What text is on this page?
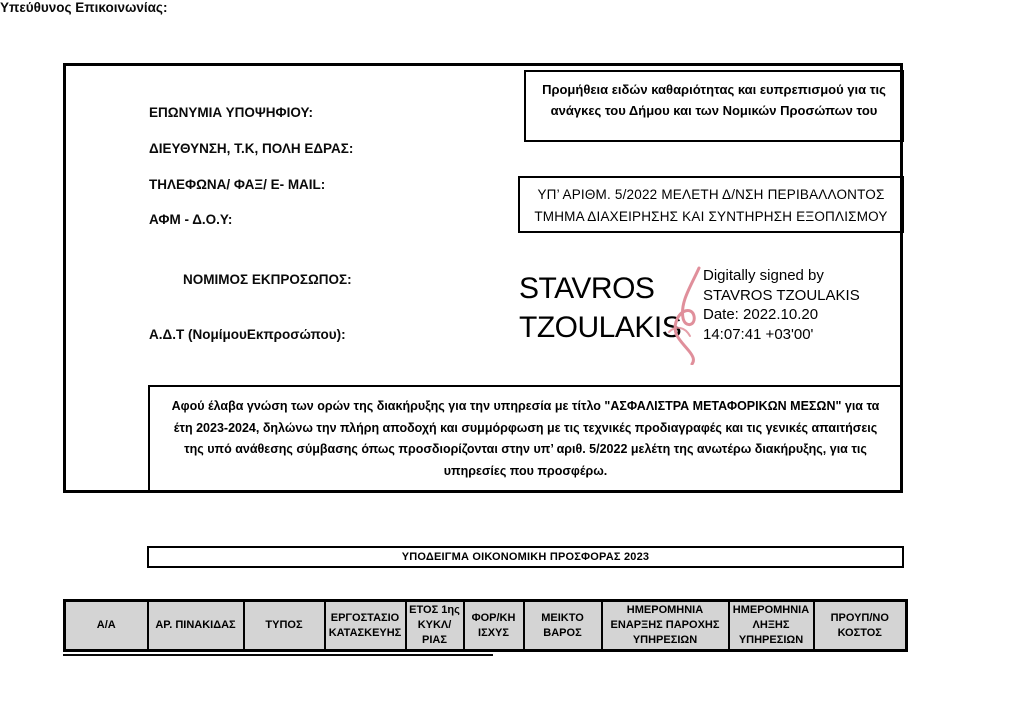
ΕΠΩΝΥΜΙΑ ΥΠΟΨΗΦΙΟΥ:
ΔΙΕΥΘΥΝΣΗ, Τ.Κ, ΠΟΛΗ ΕΔΡΑΣ:
ΤΗΛΕΦΩΝΑ/ ΦΑΞ/ Ε- MAIL:
ΑΦΜ - Δ.Ο.Υ:
ΝΟΜΙΜΟΣ ΕΚΠΡΟΣΩΠΟΣ:
Α.Δ.Τ (ΝομίμουΕκπροσώπου):
Υπεύθυνος Επικοινωνίας:
Προμήθεια ειδών καθαριότητας και ευπρεπισμού για τις ανάγκες του Δήμου και των Νομικών Προσώπων του
ΥΠ’ ΑΡΙΘΜ. 5/2022 ΜΕΛΕΤΗ Δ/ΝΣΗ ΠΕΡΙΒΑΛΛΟΝΤΟΣ ΤΜΗΜΑ ΔΙΑΧΕΙΡΗΣΗΣ ΚΑΙ ΣΥΝΤΗΡΗΣΗ ΕΞΟΠΛΙΣΜΟΥ
STAVROS TZOULAKIS
Digitally signed by
STAVROS TZOULAKIS
Date: 2022.10.20
14:07:41 +03'00'
Αφού έλαβα γνώση των ορών της διακήρυξης για την υπηρεσία με τίτλο "ΑΣΦΑΛΙΣΤΡΑ ΜΕΤΑΦΟΡΙΚΩΝ ΜΕΣΩΝ" για τα
έτη 2023-2024, δηλώνω την πλήρη αποδοχή και συμμόρφωση με τις τεχνικές προδιαγραφές και τις γενικές απαιτήσεις
της υπό ανάθεσης σύμβασης όπως προσδιορίζονται στην υπ’ αριθ. 5/2022 μελέτη της ανωτέρω διακήρυξης, για τις
υπηρεσίες που προσφέρω.
ΥΠΟΔΕΙΓΜΑ ΟΙΚΟΝΟΜΙΚΗ ΠΡΟΣΦΟΡΑΣ 2023
Α/Α	ΑΡ. ΠΙΝΑΚΙΔΑΣ	ΤΥΠΟΣ	ΕΡΓΟΣΤΑΣΙΟ ΚΑΤΑΣΚΕΥΗΣ	ΕΤΟΣ 1ης ΚΥΚΛ/ΡΙΑΣ	ΦΟΡ/ΚΗ ΙΣΧΥΣ	ΜΕΙΚΤΟ ΒΑΡΟΣ	ΗΜΕΡΟΜΗΝΙΑ ΕΝΑΡΞΗΣ ΠΑΡΟΧΗΣ ΥΠΗΡΕΣΙΩΝ	ΗΜΕΡΟΜΗΝΙΑ ΛΗΞΗΣ ΥΠΗΡΕΣΙΩΝ	ΠΡΟΥΠ/ΝΟ ΚΟΣΤΟΣ
